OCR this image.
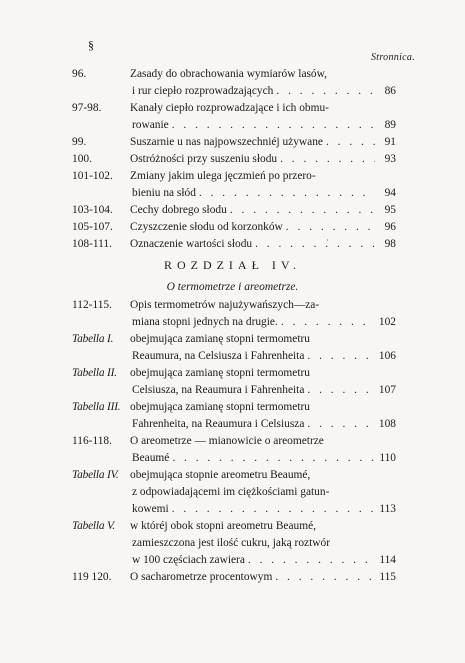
§
Stronnica.
96.	Zasady do obrachowania wymiarów lasów,
i rur ciepło rozprowadzających . . .	86
97-98.	Kanały ciepło rozprowadzające i ich obmu-
rowanie . . .	89
99.	Suszarnie u nas najpowszechniéj używane . . .	91
100.	Ostróżności przy suszeniu słodu . . .	93
101-102.	Zmiany jakim ulega jęczmień po przero-
bieniu na słód . . .	94
103-104.	Cechy dobrego słodu . . .	95
105-107.	Czyszczenie słodu od korzonków . . .	96
108-111.	Oznaczenie wartości słodu . . .	98
·
ROZDZIAŁ IV.
O termometrze i areometrze.
112-115.	Opis termometrów najużywańszych—za-
miana stopni jednych na drugie. . . .	102
Tabella I.	obejmująca zamianę stopni termometru
Reaumura, na Celsiusza i Fahrenheita . . .	106
Tabella II.	obejmująca zamianę stopni termometru
Celsiusza, na Reaumura i Fahrenheita . . .	107
Tabella III. obejmująca zamianę stopni termometru
Fahrenheita, na Reaumura i Celsiusza . . .	108
116-118.	O areometrze — mianowicie o areometrze
Beaumé . . .	110
Tabella IV.	obejmująca stopnie areometru Beaumé,
z odpowiadającemi im ciężkościami gatun-
kowemi . . .	113
Tabella V.	w któréj obok stopni areometru Beaumé,
zamieszczona jest ilość cukru, jaką roztwór
w 100 częściach zawiera . . .	114
119 120.	O sacharometrze procentowym . . .	115
